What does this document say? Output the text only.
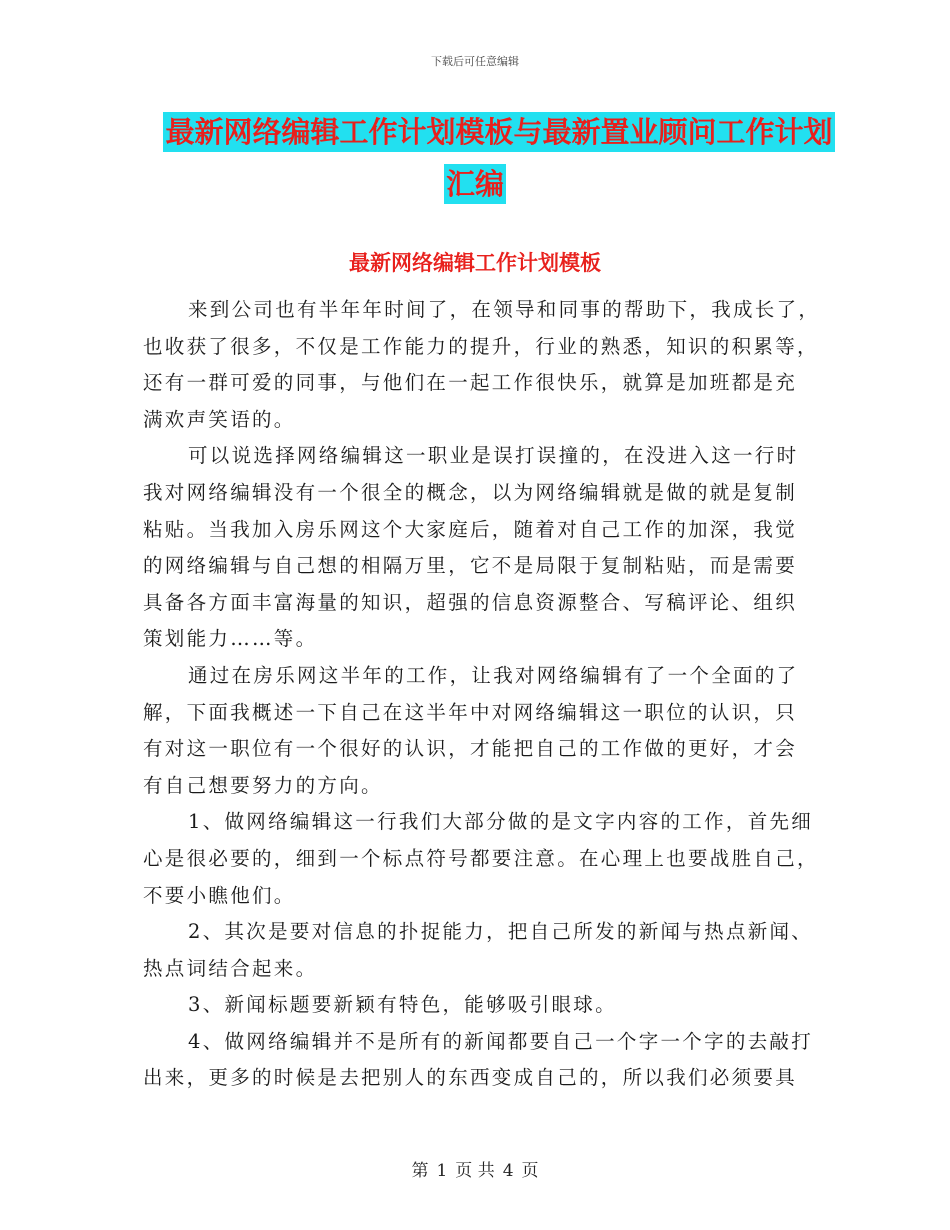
下载后可任意编辑
最新网络编辑工作计划模板与最新置业顾问工作计划
汇编
最新网络编辑工作计划模板
来到公司也有半年年时间了，在领导和同事的帮助下，我成长了，
也收获了很多，不仅是工作能力的提升，行业的熟悉，知识的积累等，
还有一群可爱的同事，与他们在一起工作很快乐，就算是加班都是充
满欢声笑语的。
可以说选择网络编辑这一职业是误打误撞的，在没进入这一行时
我对网络编辑没有一个很全的概念，以为网络编辑就是做的就是复制
粘贴。当我加入房乐网这个大家庭后，随着对自己工作的加深，我觉
的网络编辑与自己想的相隔万里，它不是局限于复制粘贴，而是需要
具备各方面丰富海量的知识，超强的信息资源整合、写稿评论、组织
策划能力……等。
通过在房乐网这半年的工作，让我对网络编辑有了一个全面的了
解，下面我概述一下自己在这半年中对网络编辑这一职位的认识，只
有对这一职位有一个很好的认识，才能把自己的工作做的更好，才会
有自己想要努力的方向。
1、做网络编辑这一行我们大部分做的是文字内容的工作，首先细
心是很必要的，细到一个标点符号都要注意。在心理上也要战胜自己，
不要小瞧他们。
2、其次是要对信息的扑捉能力，把自己所发的新闻与热点新闻、
热点词结合起来。
3、新闻标题要新颖有特色，能够吸引眼球。
4、做网络编辑并不是所有的新闻都要自己一个字一个字的去敲打
出来，更多的时候是去把别人的东西变成自己的，所以我们必须要具
第 1 页 共 4 页
